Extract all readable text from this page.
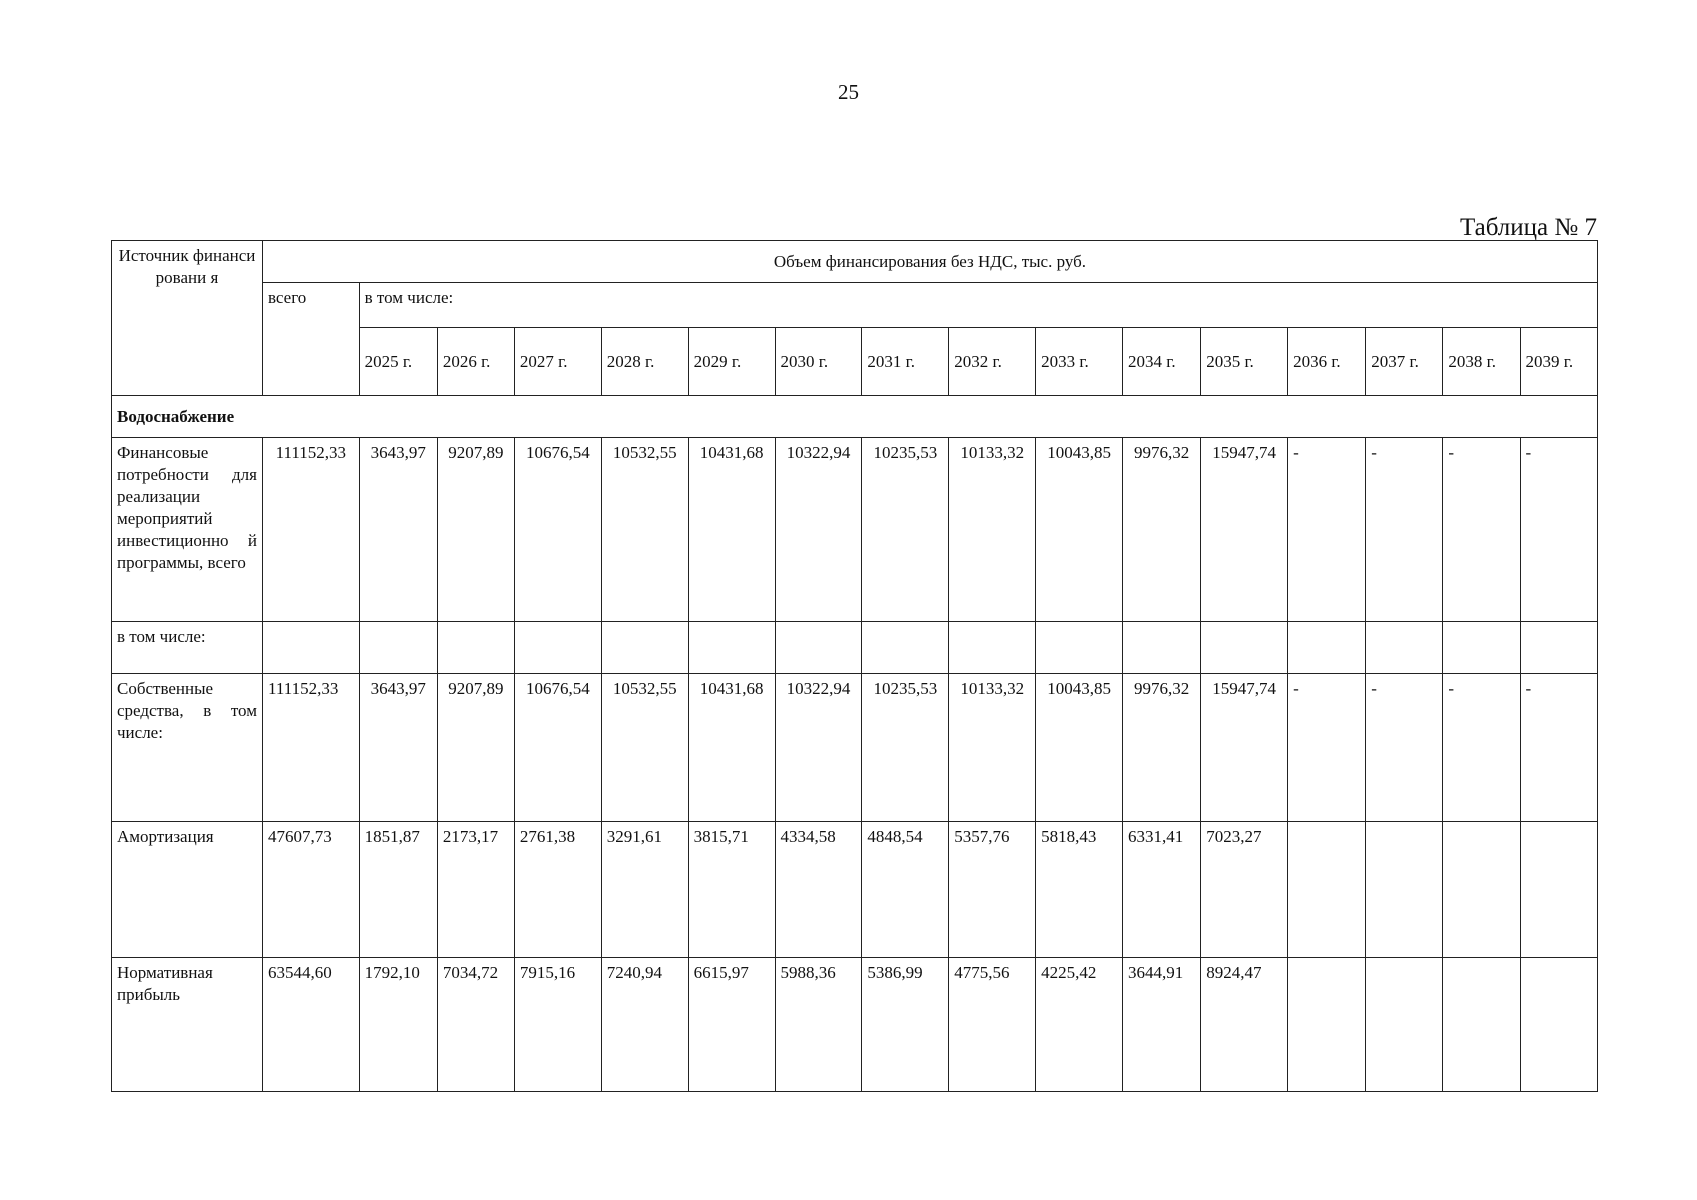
25
Таблица № 7
Источник финансировани я	Объем финансирования без НДС, тыс. руб.															
	всего	в том числе:														
		2025 г.	2026 г.	2027 г.	2028 г.	2029 г.	2030 г.	2031 г.	2032 г.	2033 г.	2034 г.	2035 г.	2036 г.	2037 г.	2038 г.	2039 г.
Водоснабжение																
Финансовые потребности для реализации мероприятий инвестиционно й программы, всего	111152,33	3643,97	9207,89	10676,54	10532,55	10431,68	10322,94	10235,53	10133,32	10043,85	9976,32	15947,74	-	-	-	-
в том числе:																
Собственные средства, в том числе:	111152,33	3643,97	9207,89	10676,54	10532,55	10431,68	10322,94	10235,53	10133,32	10043,85	9976,32	15947,74	-	-	-	-
Амортизация	47607,73	1851,87	2173,17	2761,38	3291,61	3815,71	4334,58	4848,54	5357,76	5818,43	6331,41	7023,27				
Нормативная прибыль	63544,60	1792,10	7034,72	7915,16	7240,94	6615,97	5988,36	5386,99	4775,56	4225,42	3644,91	8924,47				
